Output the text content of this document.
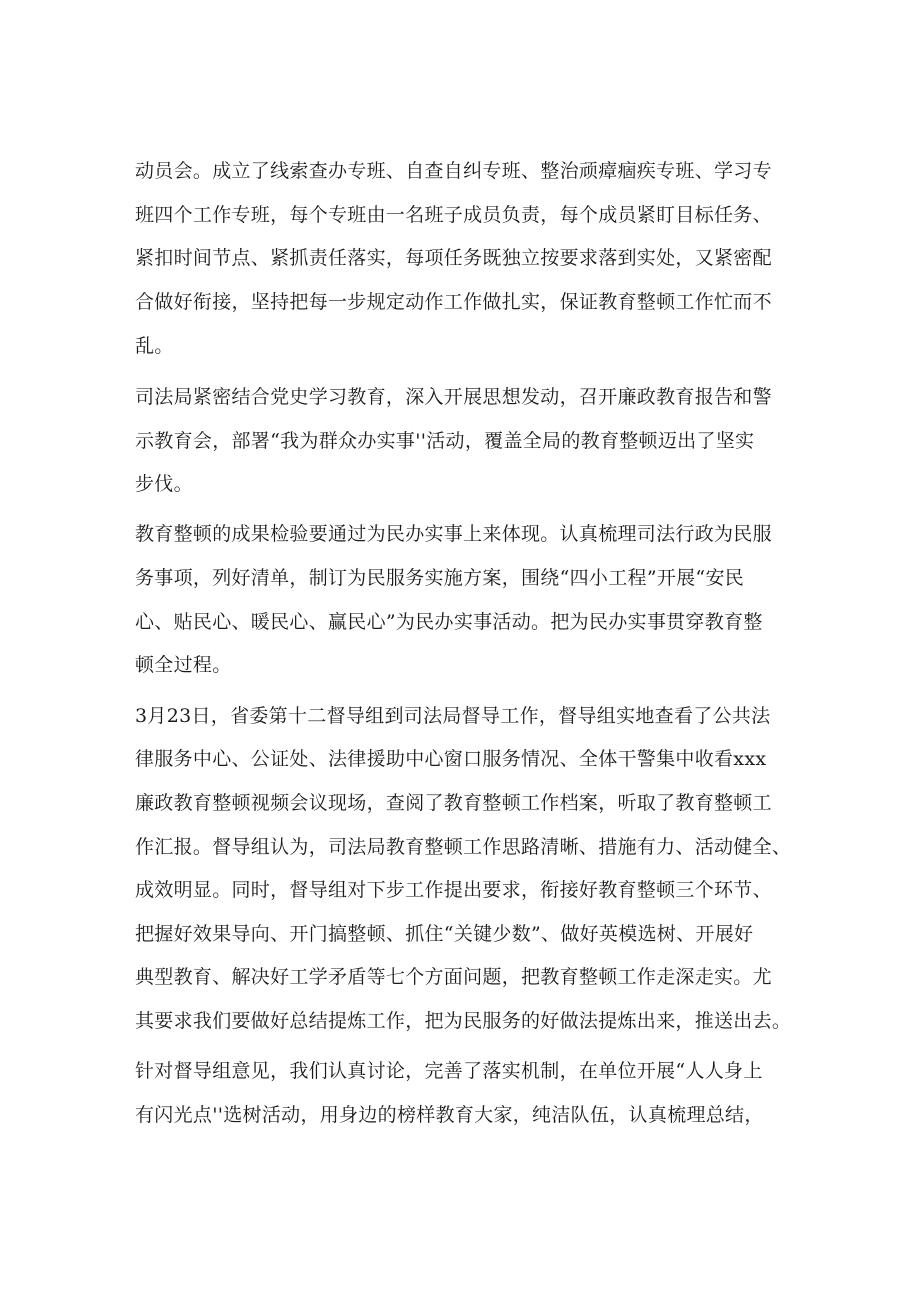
动员会。成立了线索查办专班、自查自纠专班、整治顽瘴痼疾专班、学习专
班四个工作专班，每个专班由一名班子成员负责，每个成员紧盯目标任务、
紧扣时间节点、紧抓责任落实，每项任务既独立按要求落到实处，又紧密配
合做好衔接，坚持把每一步规定动作工作做扎实，保证教育整顿工作忙而不
乱。
司法局紧密结合党史学习教育，深入开展思想发动，召开廉政教育报告和警
示教育会，部署“我为群众办实事''活动，覆盖全局的教育整顿迈出了坚实
步伐。
教育整顿的成果检验要通过为民办实事上来体现。认真梳理司法行政为民服
务事项，列好清单，制订为民服务实施方案，围绕“四小工程”开展“安民
心、贴民心、暖民心、赢民心”为民办实事活动。把为民办实事贯穿教育整
顿全过程。
3月23日，省委第十二督导组到司法局督导工作，督导组实地查看了公共法
律服务中心、公证处、法律援助中心窗口服务情况、全体干警集中收看xxx
廉政教育整顿视频会议现场，查阅了教育整顿工作档案，听取了教育整顿工
作汇报。督导组认为，司法局教育整顿工作思路清晰、措施有力、活动健全、
成效明显。同时，督导组对下步工作提出要求，衔接好教育整顿三个环节、
把握好效果导向、开门搞整顿、抓住“关键少数”、做好英模选树、开展好
典型教育、解决好工学矛盾等七个方面问题，把教育整顿工作走深走实。尤
其要求我们要做好总结提炼工作，把为民服务的好做法提炼出来，推送出去。
针对督导组意见，我们认真讨论，完善了落实机制，在单位开展“人人身上
有闪光点''选树活动，用身边的榜样教育大家，纯洁队伍，认真梳理总结，
